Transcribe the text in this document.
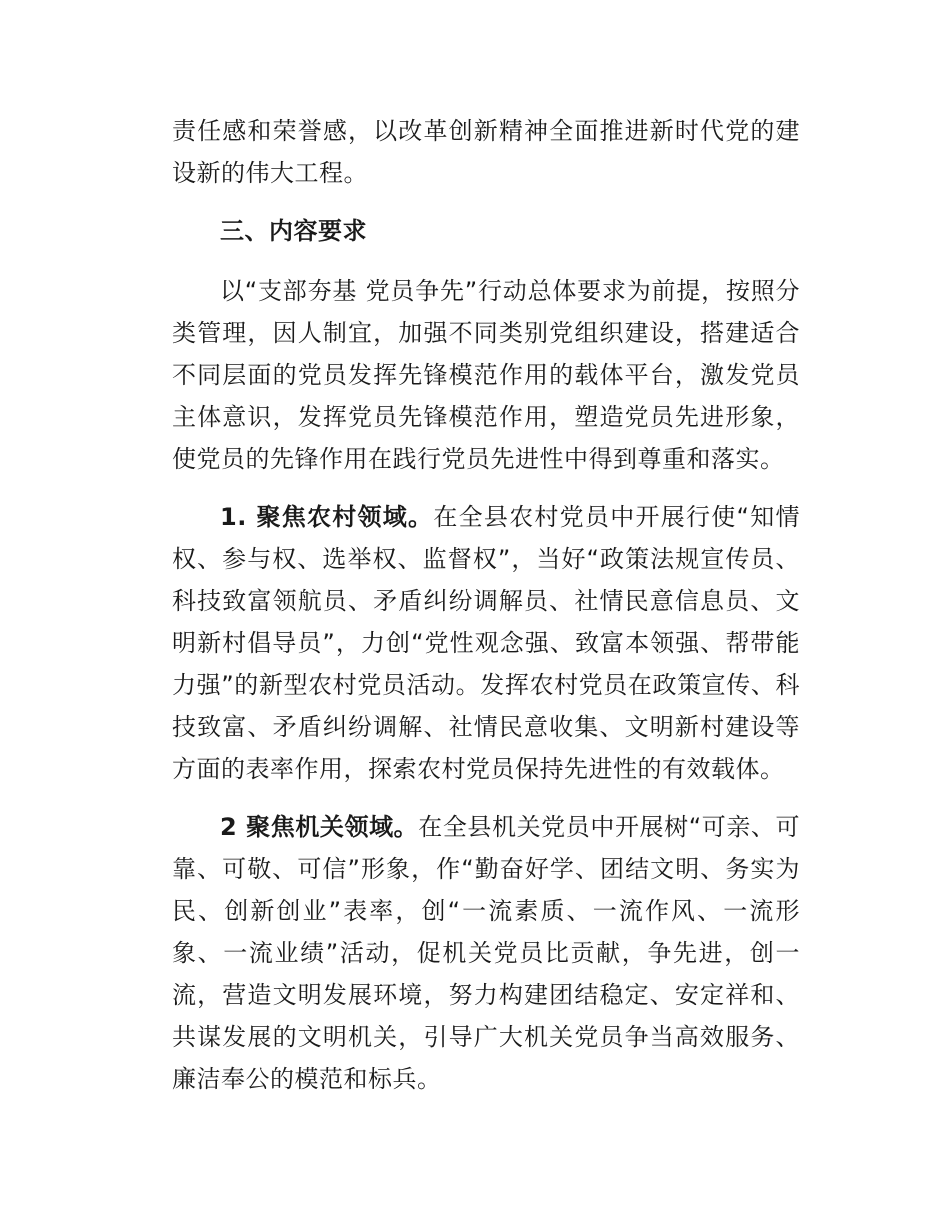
责任感和荣誉感，以改革创新精神全面推进新时代党的建设新的伟大工程。

三、内容要求

以“支部夯基 党员争先”行动总体要求为前提，按照分类管理，因人制宜，加强不同类别党组织建设，搭建适合不同层面的党员发挥先锋模范作用的载体平台，激发党员主体意识，发挥党员先锋模范作用，塑造党员先进形象，使党员的先锋作用在践行党员先进性中得到尊重和落实。

1. 聚焦农村领域。在全县农村党员中开展行使“知情权、参与权、选举权、监督权”，当好“政策法规宣传员、科技致富领航员、矛盾纠纷调解员、社情民意信息员、文明新村倡导员”，力创“党性观念强、致富本领强、帮带能力强”的新型农村党员活动。发挥农村党员在政策宣传、科技致富、矛盾纠纷调解、社情民意收集、文明新村建设等方面的表率作用，探索农村党员保持先进性的有效载体。

2 聚焦机关领域。在全县机关党员中开展树“可亲、可靠、可敬、可信”形象，作“勤奋好学、团结文明、务实为民、创新创业”表率，创“一流素质、一流作风、一流形象、一流业绩”活动，促机关党员比贡献，争先进，创一流，营造文明发展环境，努力构建团结稳定、安定祥和、共谋发展的文明机关，引导广大机关党员争当高效服务、廉洁奉公的模范和标兵。
